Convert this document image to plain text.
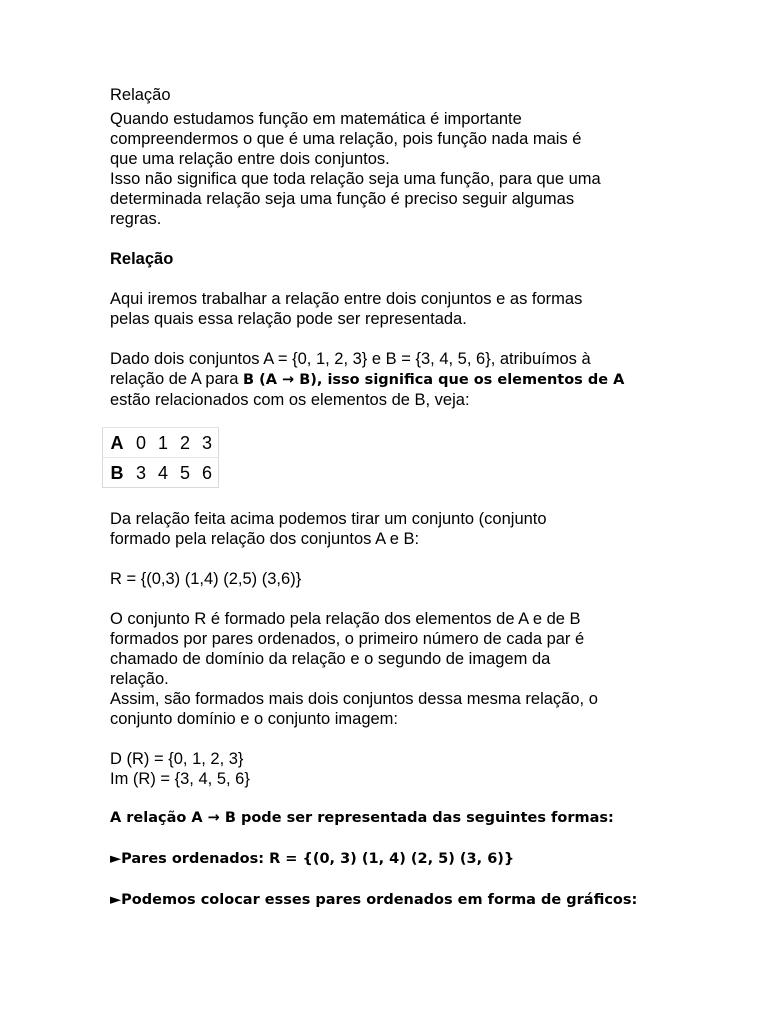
Relação

Quando estudamos função em matemática é importante

compreendermos o que é uma relação, pois função nada mais é

que uma relação entre dois conjuntos.

Isso não significa que toda relação seja uma função, para que uma

determinada relação seja uma função é preciso seguir algumas

regras.

Relação

Aqui iremos trabalhar a relação entre dois conjuntos e as formas

pelas quais essa relação pode ser representada.

Dado dois conjuntos A = {0, 1, 2, 3} e B = {3, 4, 5, 6}, atribuímos à

relação de A para B (A → B), isso significa que os elementos de A

estão relacionados com os elementos de B, veja:

A	0	1	2	3
B	3	4	5	6

Da relação feita acima podemos tirar um conjunto (conjunto

formado pela relação dos conjuntos A e B:

R = {(0,3) (1,4) (2,5) (3,6)}

O conjunto R é formado pela relação dos elementos de A e de B

formados por pares ordenados, o primeiro número de cada par é

chamado de domínio da relação e o segundo de imagem da

relação.

Assim, são formados mais dois conjuntos dessa mesma relação, o

conjunto domínio e o conjunto imagem:

D (R) = {0, 1, 2, 3}

Im (R) = {3, 4, 5, 6}

A relação A → B pode ser representada das seguintes formas:

►Pares ordenados: R = {(0, 3) (1, 4) (2, 5) (3, 6)}

►Podemos colocar esses pares ordenados em forma de gráficos:
